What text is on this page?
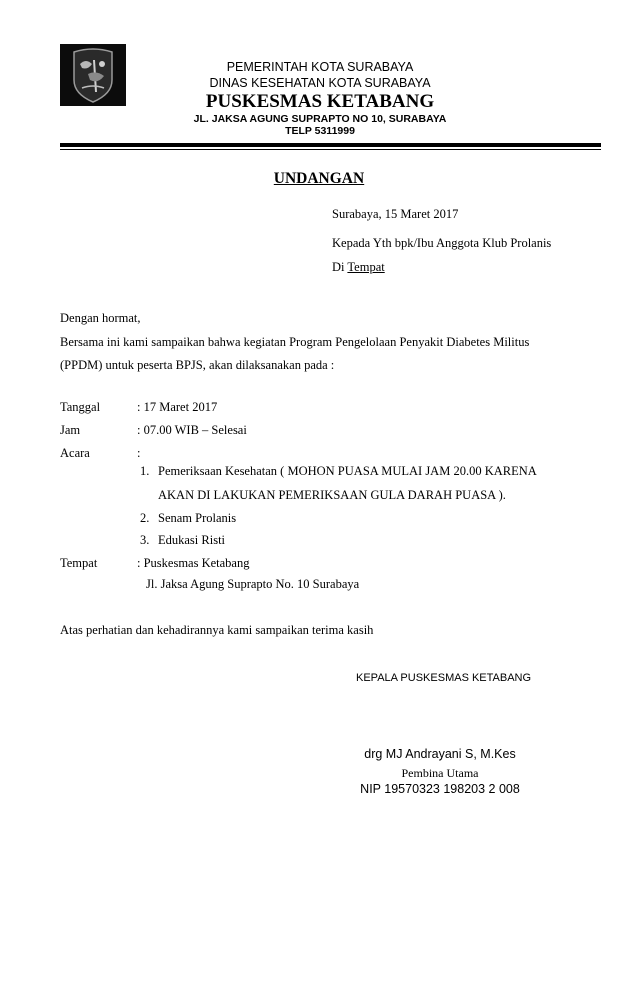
PEMERINTAH KOTA SURABAYA
DINAS KESEHATAN KOTA SURABAYA
PUSKESMAS KETABANG
JL. JAKSA AGUNG SUPRAPTO NO 10, SURABAYA
TELP 5311999
UNDANGAN
Surabaya, 15 Maret 2017
Kepada Yth bpk/Ibu Anggota Klub Prolanis
Di Tempat
Dengan hormat,
Bersama ini kami sampaikan bahwa kegiatan Program Pengelolaan Penyakit Diabetes Militus
(PPDM) untuk peserta BPJS, akan dilaksanakan pada :
Tanggal	: 17 Maret 2017
Jam	: 07.00 WIB – Selesai
Acara	:
1. Pemeriksaan Kesehatan ( MOHON PUASA MULAI JAM 20.00 KARENA
AKAN DI LAKUKAN PEMERIKSAAN GULA DARAH PUASA ).
2. Senam Prolanis
3. Edukasi Risti
Tempat	: Puskesmas Ketabang
Jl. Jaksa Agung Suprapto No. 10 Surabaya
Atas perhatian dan kehadirannya kami sampaikan terima kasih
KEPALA PUSKESMAS KETABANG
drg MJ Andrayani S, M.Kes
Pembina Utama
NIP 19570323 198203 2 008
